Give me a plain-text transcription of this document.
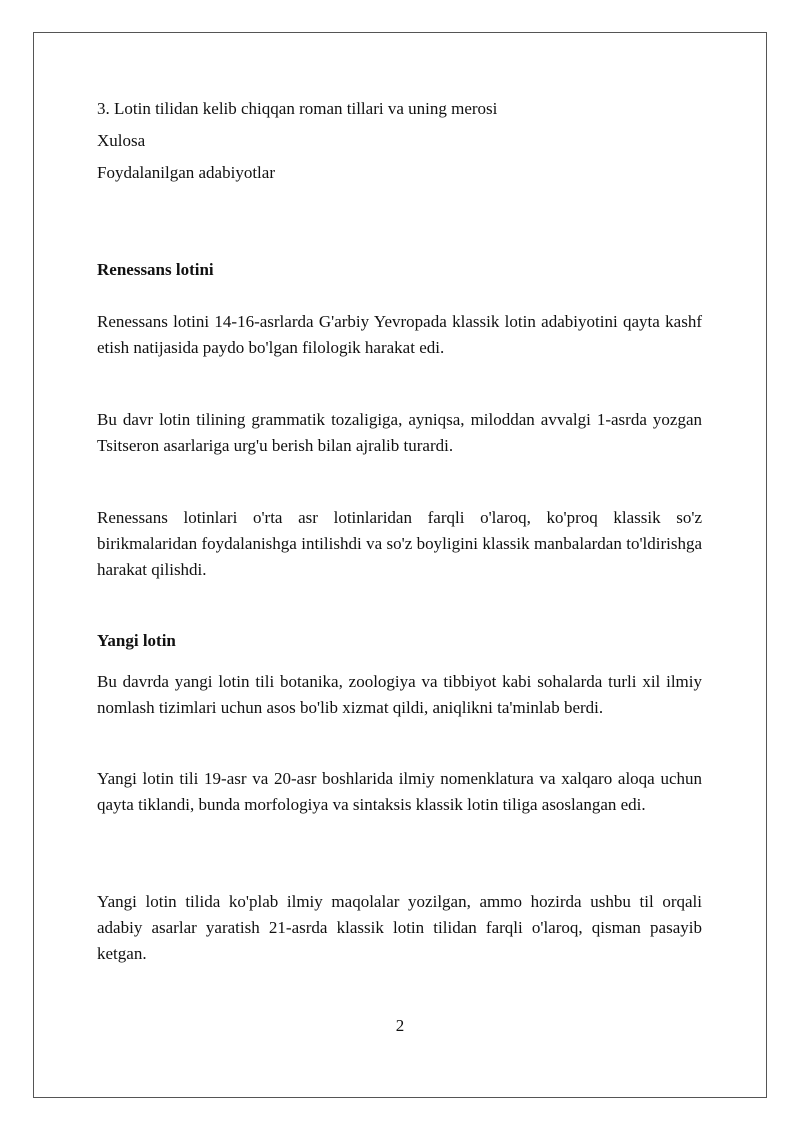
3. Lotin tilidan kelib chiqqan roman tillari va uning merosi
Xulosa
Foydalanilgan adabiyotlar
Renessans lotini
Renessans lotini 14-16-asrlarda G'arbiy Yevropada klassik lotin adabiyotini qayta kashf etish natijasida paydo bo'lgan filologik harakat edi.
Bu davr lotin tilining grammatik tozaligiga, ayniqsa, miloddan avvalgi 1-asrda yozgan Tsitseron asarlariga urg'u berish bilan ajralib turardi.
Renessans lotinlari o'rta asr lotinlaridan farqli o'laroq, ko'proq klassik so'z birikmalaridan foydalanishga intilishdi va so'z boyligini klassik manbalardan to'ldirishga harakat qilishdi.
Yangi lotin
Bu davrda yangi lotin tili botanika, zoologiya va tibbiyot kabi sohalarda turli xil ilmiy nomlash tizimlari uchun asos bo'lib xizmat qildi, aniqlikni ta'minlab berdi.
Yangi lotin tili 19-asr va 20-asr boshlarida ilmiy nomenklatura va xalqaro aloqa uchun qayta tiklandi, bunda morfologiya va sintaksis klassik lotin tiliga asoslangan edi.
Yangi lotin tilida ko'plab ilmiy maqolalar yozilgan, ammo hozirda ushbu til orqali adabiy asarlar yaratish 21-asrda klassik lotin tilidan farqli o'laroq, qisman pasayib ketgan.
2
